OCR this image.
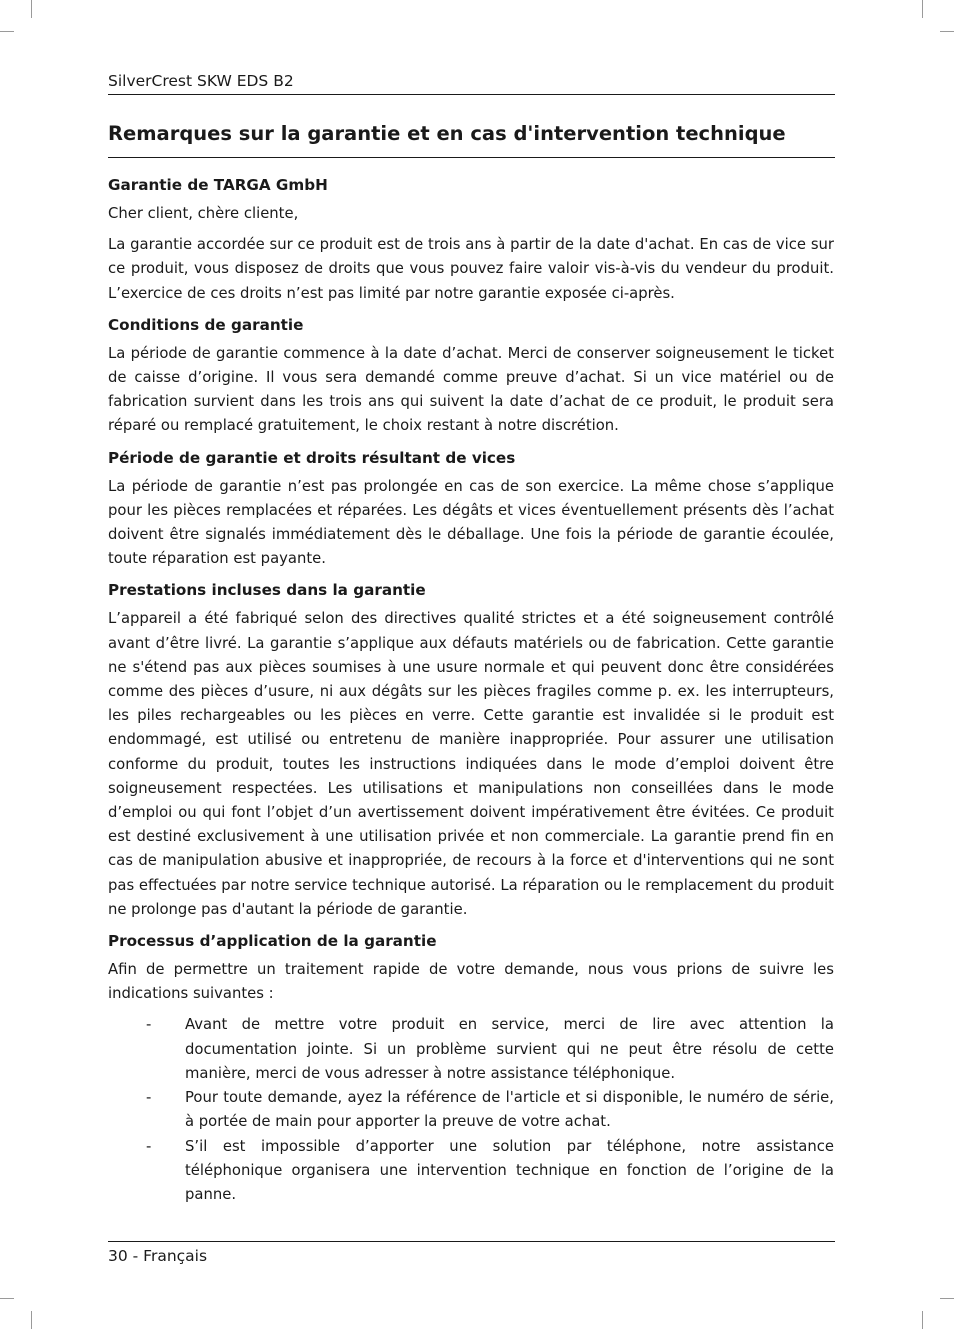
SilverCrest SKW EDS B2
Remarques sur la garantie et en cas d'intervention technique
Garantie de TARGA GmbH

Cher client, chère cliente,

La garantie accordée sur ce produit est de trois ans à partir de la date d'achat. En cas de vice sur ce produit, vous disposez de droits que vous pouvez faire valoir vis-à-vis du vendeur du produit. L’exercice de ces droits n’est pas limité par notre garantie exposée ci-après.

Conditions de garantie

La période de garantie commence à la date d’achat. Merci de conserver soigneusement le ticket de caisse d’origine. Il vous sera demandé comme preuve d’achat. Si un vice matériel ou de fabrication survient dans les trois ans qui suivent la date d’achat de ce produit, le produit sera réparé ou remplacé gratuitement, le choix restant à notre discrétion.

Période de garantie et droits résultant de vices

La période de garantie n’est pas prolongée en cas de son exercice. La même chose s’applique pour les pièces remplacées et réparées. Les dégâts et vices éventuellement présents dès l’achat doivent être signalés immédiatement dès le déballage. Une fois la période de garantie écoulée, toute réparation est payante.

Prestations incluses dans la garantie

L’appareil a été fabriqué selon des directives qualité strictes et a été soigneusement contrôlé avant d’être livré. La garantie s’applique aux défauts matériels ou de fabrication. Cette garantie ne s'étend pas aux pièces soumises à une usure normale et qui peuvent donc être considérées comme des pièces d’usure, ni aux dégâts sur les pièces fragiles comme p. ex. les interrupteurs, les piles rechargeables ou les pièces en verre. Cette garantie est invalidée si le produit est endommagé, est utilisé ou entretenu de manière inappropriée. Pour assurer une utilisation conforme du produit, toutes les instructions indiquées dans le mode d’emploi doivent être soigneusement respectées. Les utilisations et manipulations non conseillées dans le mode d’emploi ou qui font l’objet d’un avertissement doivent impérativement être évitées. Ce produit est destiné exclusivement à une utilisation privée et non commerciale. La garantie prend fin en cas de manipulation abusive et inappropriée, de recours à la force et d'interventions qui ne sont pas effectuées par notre service technique autorisé. La réparation ou le remplacement du produit ne prolonge pas d'autant la période de garantie.

Processus d’application de la garantie

Afin de permettre un traitement rapide de votre demande, nous vous prions de suivre les indications suivantes :

- Avant de mettre votre produit en service, merci de lire avec attention la documentation jointe. Si un problème survient qui ne peut être résolu de cette manière, merci de vous adresser à notre assistance téléphonique.
- Pour toute demande, ayez la référence de l'article et si disponible, le numéro de série, à portée de main pour apporter la preuve de votre achat.
- S’il est impossible d’apporter une solution par téléphone, notre assistance téléphonique organisera une intervention technique en fonction de l’origine de la panne.
30 - Français
